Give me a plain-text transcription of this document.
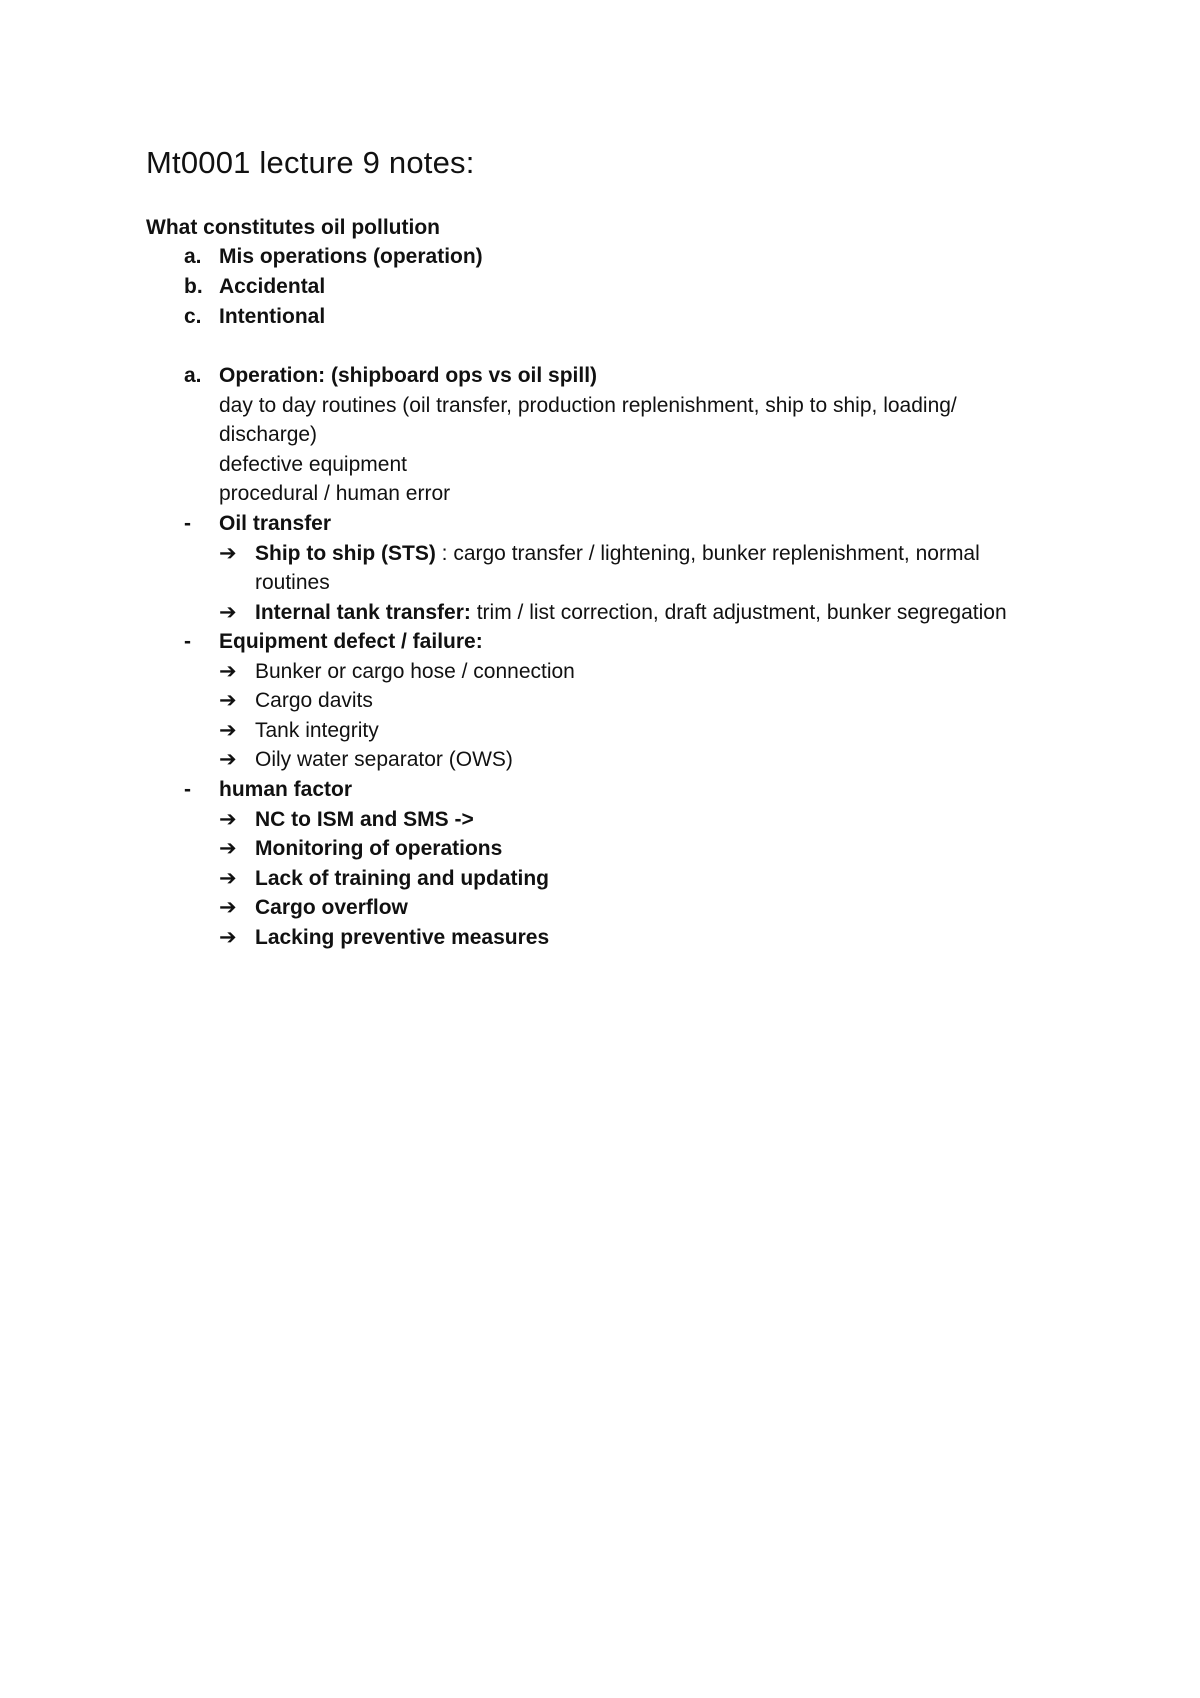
Mt0001 lecture 9 notes:
What constitutes oil pollution
a. Mis operations (operation)
b. Accidental
c. Intentional
a. Operation: (shipboard ops vs oil spill)
day to day routines (oil transfer, production replenishment, ship to ship, loading/
discharge)
defective equipment
procedural / human error
- Oil transfer
➔ Ship to ship (STS) : cargo transfer / lightening, bunker replenishment, normal
routines
➔ Internal tank transfer: trim / list correction, draft adjustment, bunker segregation
- Equipment defect / failure:
➔ Bunker or cargo hose / connection
➔ Cargo davits
➔ Tank integrity
➔ Oily water separator (OWS)
- human factor
➔ NC to ISM and SMS ->
➔ Monitoring of operations
➔ Lack of training and updating
➔ Cargo overflow
➔ Lacking preventive measures
